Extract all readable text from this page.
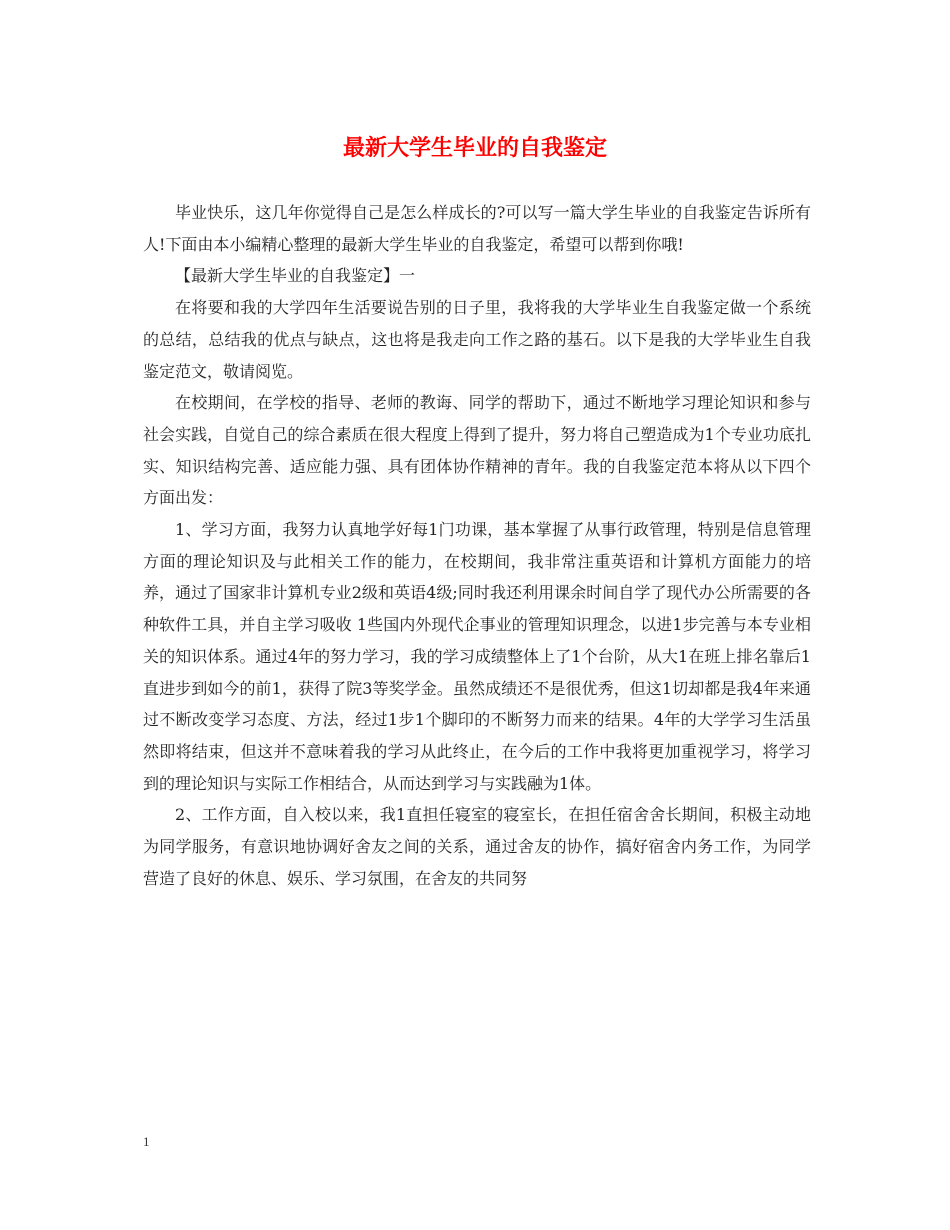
最新大学生毕业的自我鉴定

毕业快乐，这几年你觉得自己是怎么样成长的?可以写一篇大学生毕业的自我鉴定告诉所有人!下面由本小编精心整理的最新大学生毕业的自我鉴定，希望可以帮到你哦!

【最新大学生毕业的自我鉴定】一

在将要和我的大学四年生活要说告别的日子里，我将我的大学毕业生自我鉴定做一个系统的总结，总结我的优点与缺点，这也将是我走向工作之路的基石。以下是我的大学毕业生自我鉴定范文，敬请阅览。

在校期间，在学校的指导、老师的教诲、同学的帮助下，通过不断地学习理论知识和参与社会实践，自觉自己的综合素质在很大程度上得到了提升，努力将自己塑造成为1个专业功底扎实、知识结构完善、适应能力强、具有团体协作精神的青年。我的自我鉴定范本将从以下四个方面出发：

1、学习方面，我努力认真地学好每1门功课，基本掌握了从事行政管理，特别是信息管理方面的理论知识及与此相关工作的能力，在校期间，我非常注重英语和计算机方面能力的培养，通过了国家非计算机专业2级和英语4级;同时我还利用课余时间自学了现代办公所需要的各种软件工具，并自主学习吸收 1些国内外现代企事业的管理知识理念，以进1步完善与本专业相关的知识体系。通过4年的努力学习，我的学习成绩整体上了1个台阶，从大1在班上排名靠后1直进步到如今的前1，获得了院3等奖学金。虽然成绩还不是很优秀，但这1切却都是我4年来通过不断改变学习态度、方法，经过1步1个脚印的不断努力而来的结果。4年的大学学习生活虽然即将结束，但这并不意味着我的学习从此终止，在今后的工作中我将更加重视学习，将学习到的理论知识与实际工作相结合，从而达到学习与实践融为1体。

2、工作方面，自入校以来，我1直担任寝室的寝室长，在担任宿舍舍长期间，积极主动地为同学服务，有意识地协调好舍友之间的关系，通过舍友的协作，搞好宿舍内务工作，为同学营造了良好的休息、娱乐、学习氛围，在舍友的共同努

1
